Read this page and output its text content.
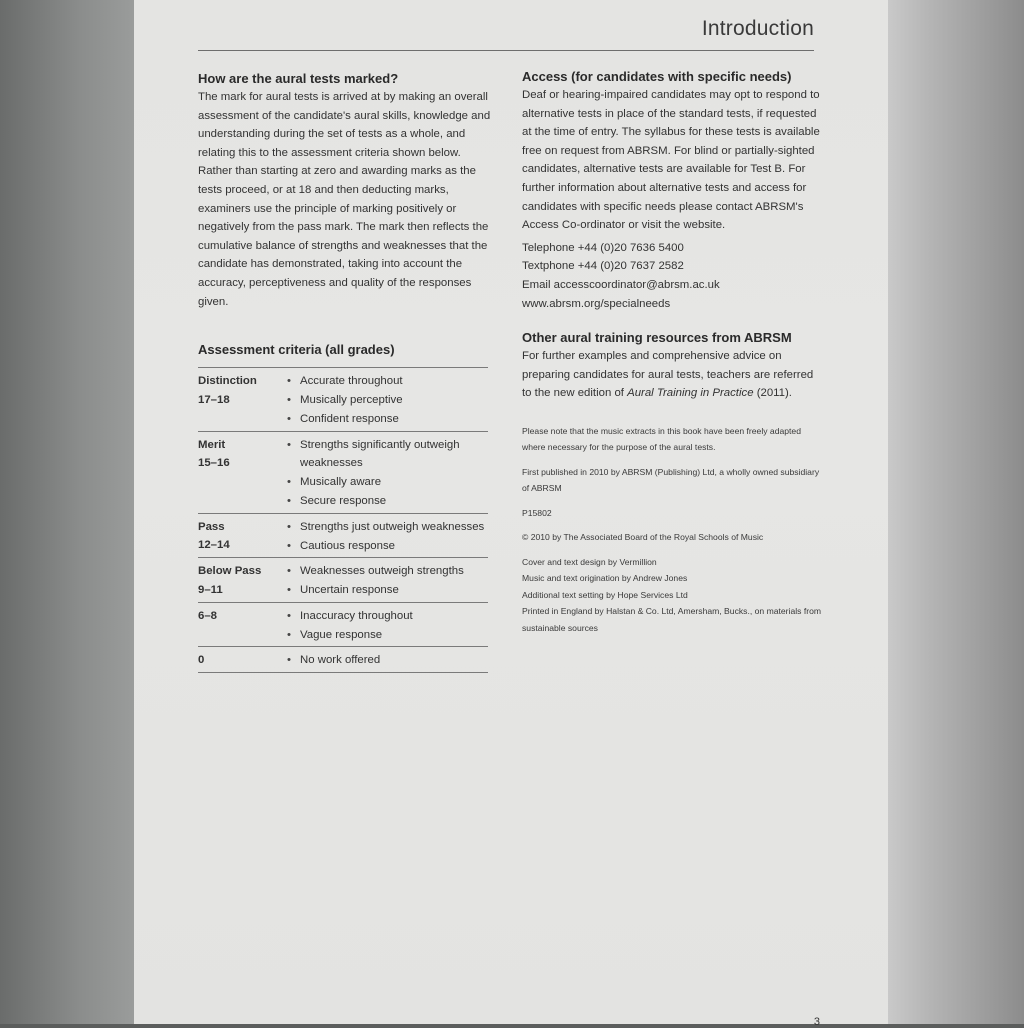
Introduction
How are the aural tests marked?

The mark for aural tests is arrived at by making an overall assessment of the candidate's aural skills, knowledge and understanding during the set of tests as a whole, and relating this to the assessment criteria shown below. Rather than starting at zero and awarding marks as the tests proceed, or at 18 and then deducting marks, examiners use the principle of marking positively or negatively from the pass mark. The mark then reflects the cumulative balance of strengths and weaknesses that the candidate has demonstrated, taking into account the accuracy, perceptiveness and quality of the responses given.

Assessment criteria (all grades)
Distinction
17–18
• Accurate throughout
• Musically perceptive
• Confident response
Merit
15–16
• Strengths significantly outweigh weaknesses
• Musically aware
• Secure response
Pass
12–14
• Strengths just outweigh weaknesses
• Cautious response
Below Pass
9–11
• Weaknesses outweigh strengths
• Uncertain response
6–8	• Inaccuracy throughout
• Vague response
0	• No work offered
Access (for candidates with specific needs)

Deaf or hearing-impaired candidates may opt to respond to alternative tests in place of the standard tests, if requested at the time of entry. The syllabus for these tests is available free on request from ABRSM. For blind or partially-sighted candidates, alternative tests are available for Test B. For further information about alternative tests and access for candidates with specific needs please contact ABRSM's Access Co-ordinator or visit the website.

Telephone +44 (0)20 7636 5400
Textphone +44 (0)20 7637 2582
Email accesscoordinator@abrsm.ac.uk
www.abrsm.org/specialneeds
Other aural training resources from ABRSM

For further examples and comprehensive advice on preparing candidates for aural tests, teachers are referred to the new edition of Aural Training in Practice (2011).

Please note that the music extracts in this book have been freely adapted where necessary for the purpose of the aural tests.

First published in 2010 by ABRSM (Publishing) Ltd, a wholly owned subsidiary of ABRSM

P15802

© 2010 by The Associated Board of the Royal Schools of Music

Cover and text design by Vermillion

Music and text origination by Andrew Jones

Additional text setting by Hope Services Ltd

Printed in England by Halstan & Co. Ltd, Amersham, Bucks., on materials from sustainable sources

3
